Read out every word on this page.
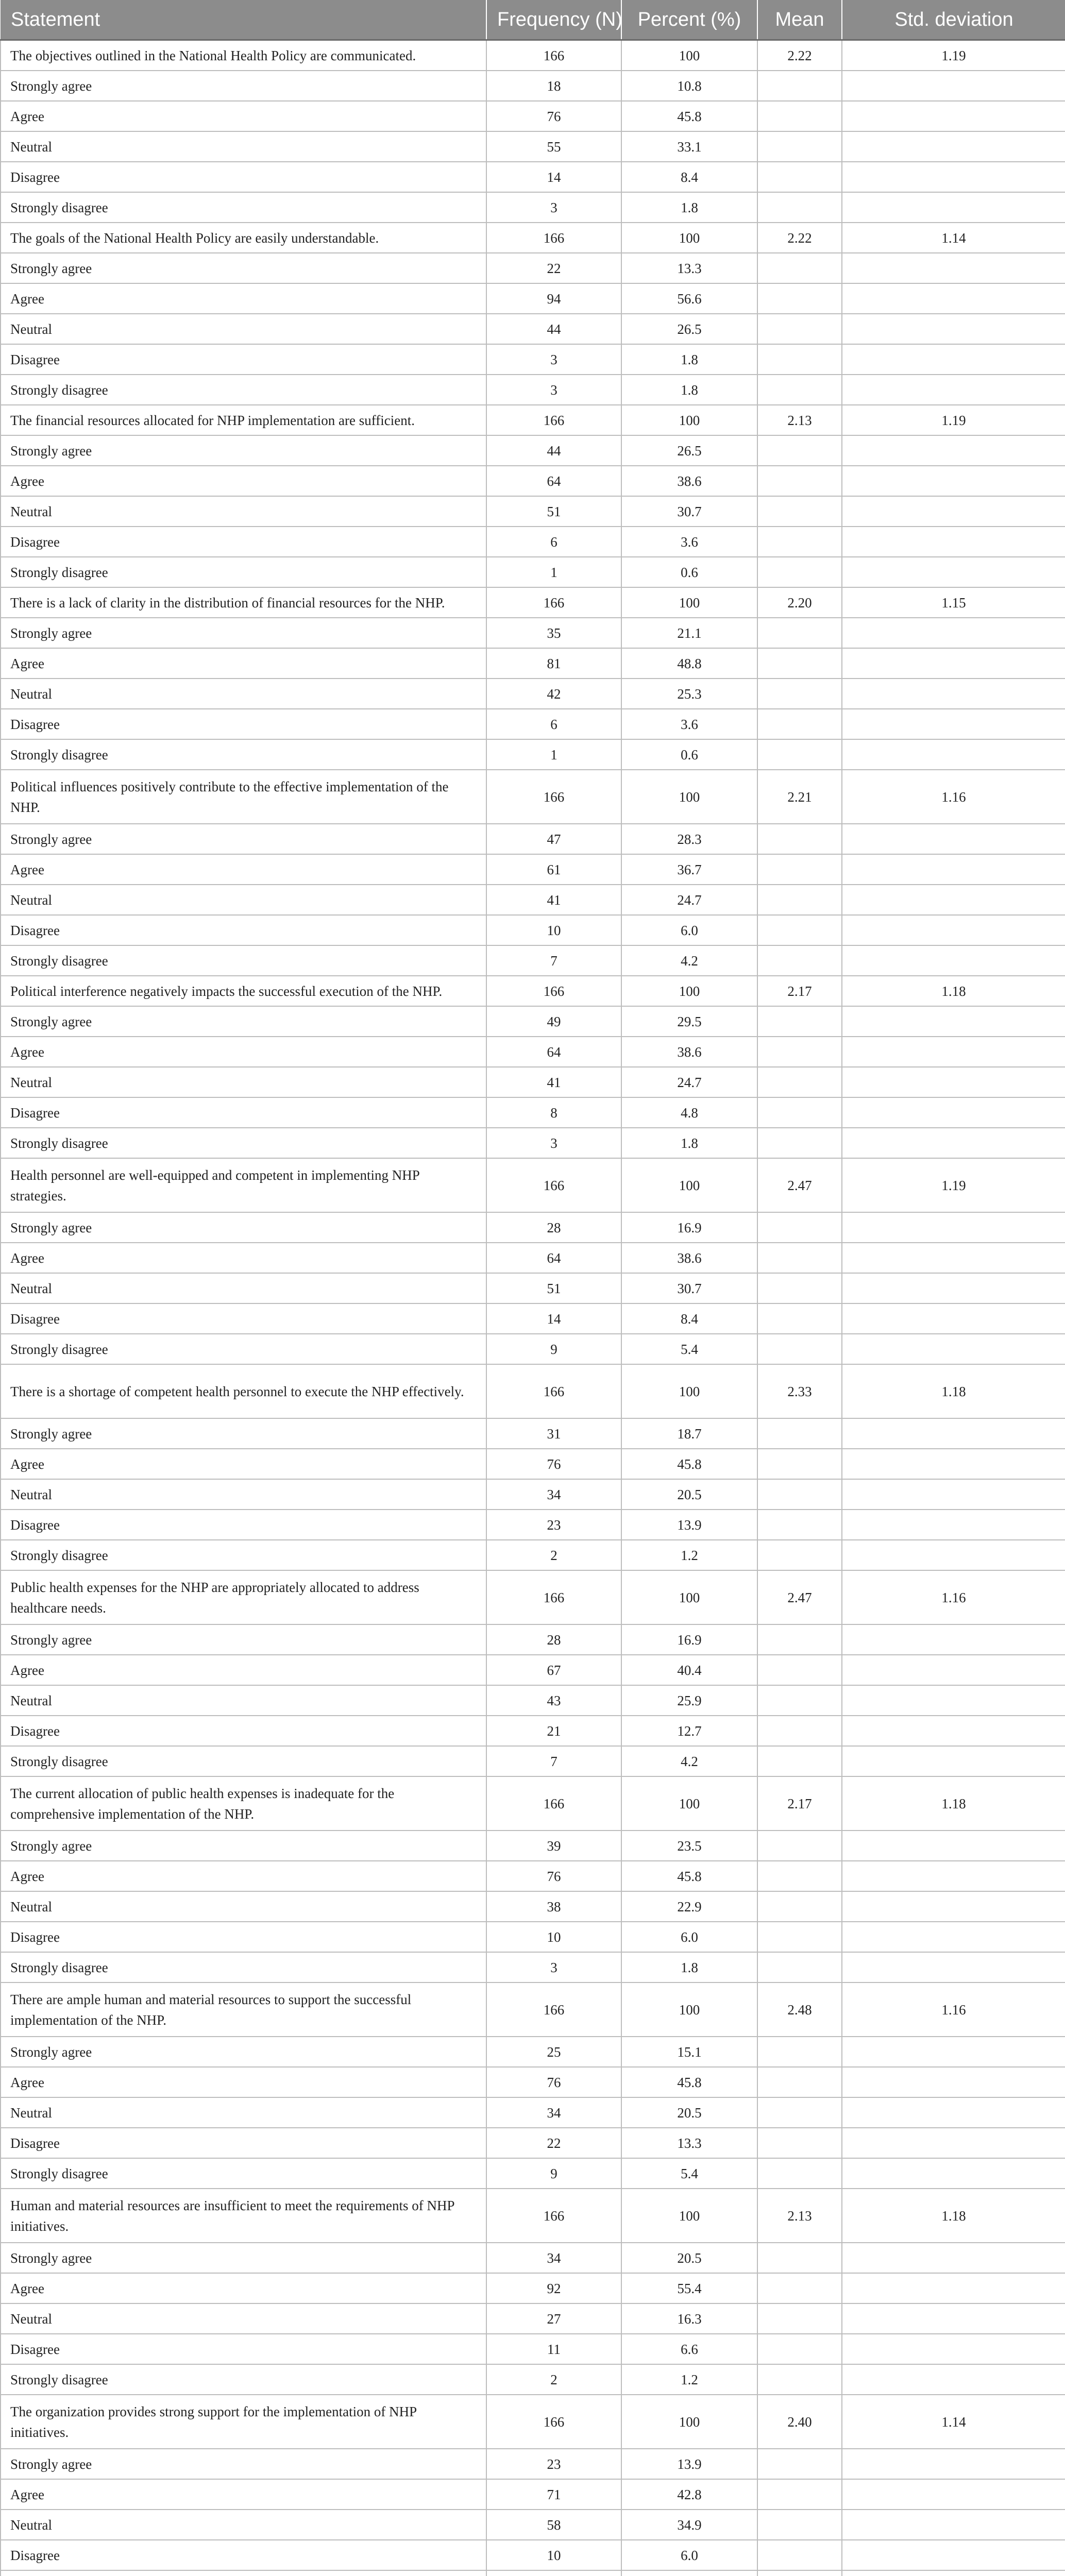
Statement	Frequency (N)	Percent (%)	Mean	Std. deviation
The objectives outlined in the National Health Policy are communicated.	166	100	2.22	1.19
Strongly agree	18	10.8		
Agree	76	45.8		
Neutral	55	33.1		
Disagree	14	8.4		
Strongly disagree	3	1.8		
The goals of the National Health Policy are easily understandable.	166	100	2.22	1.14
Strongly agree	22	13.3		
Agree	94	56.6		
Neutral	44	26.5		
Disagree	3	1.8		
Strongly disagree	3	1.8		
The financial resources allocated for NHP implementation are sufficient.	166	100	2.13	1.19
Strongly agree	44	26.5		
Agree	64	38.6		
Neutral	51	30.7		
Disagree	6	3.6		
Strongly disagree	1	0.6		
There is a lack of clarity in the distribution of financial resources for the NHP.	166	100	2.20	1.15
Strongly agree	35	21.1		
Agree	81	48.8		
Neutral	42	25.3		
Disagree	6	3.6		
Strongly disagree	1	0.6		
Political influences positively contribute to the effective implementation of the NHP.	166	100	2.21	1.16
Strongly agree	47	28.3		
Agree	61	36.7		
Neutral	41	24.7		
Disagree	10	6.0		
Strongly disagree	7	4.2		
Political interference negatively impacts the successful execution of the NHP.	166	100	2.17	1.18
Strongly agree	49	29.5		
Agree	64	38.6		
Neutral	41	24.7		
Disagree	8	4.8		
Strongly disagree	3	1.8		
Health personnel are well-equipped and competent in implementing NHP strategies.	166	100	2.47	1.19
Strongly agree	28	16.9		
Agree	64	38.6		
Neutral	51	30.7		
Disagree	14	8.4		
Strongly disagree	9	5.4		
There is a shortage of competent health personnel to execute the NHP effectively.	166	100	2.33	1.18
Strongly agree	31	18.7		
Agree	76	45.8		
Neutral	34	20.5		
Disagree	23	13.9		
Strongly disagree	2	1.2		
Public health expenses for the NHP are appropriately allocated to address healthcare needs.	166	100	2.47	1.16
Strongly agree	28	16.9		
Agree	67	40.4		
Neutral	43	25.9		
Disagree	21	12.7		
Strongly disagree	7	4.2		
The current allocation of public health expenses is inadequate for the comprehensive implementation of the NHP.	166	100	2.17	1.18
Strongly agree	39	23.5		
Agree	76	45.8		
Neutral	38	22.9		
Disagree	10	6.0		
Strongly disagree	3	1.8		
There are ample human and material resources to support the successful implementation of the NHP.	166	100	2.48	1.16
Strongly agree	25	15.1		
Agree	76	45.8		
Neutral	34	20.5		
Disagree	22	13.3		
Strongly disagree	9	5.4		
Human and material resources are insufficient to meet the requirements of NHP initiatives.	166	100	2.13	1.18
Strongly agree	34	20.5		
Agree	92	55.4		
Neutral	27	16.3		
Disagree	11	6.6		
Strongly disagree	2	1.2		
The organization provides strong support for the implementation of NHP initiatives.	166	100	2.40	1.14
Strongly agree	23	13.9		
Agree	71	42.8		
Neutral	58	34.9		
Disagree	10	6.0		
